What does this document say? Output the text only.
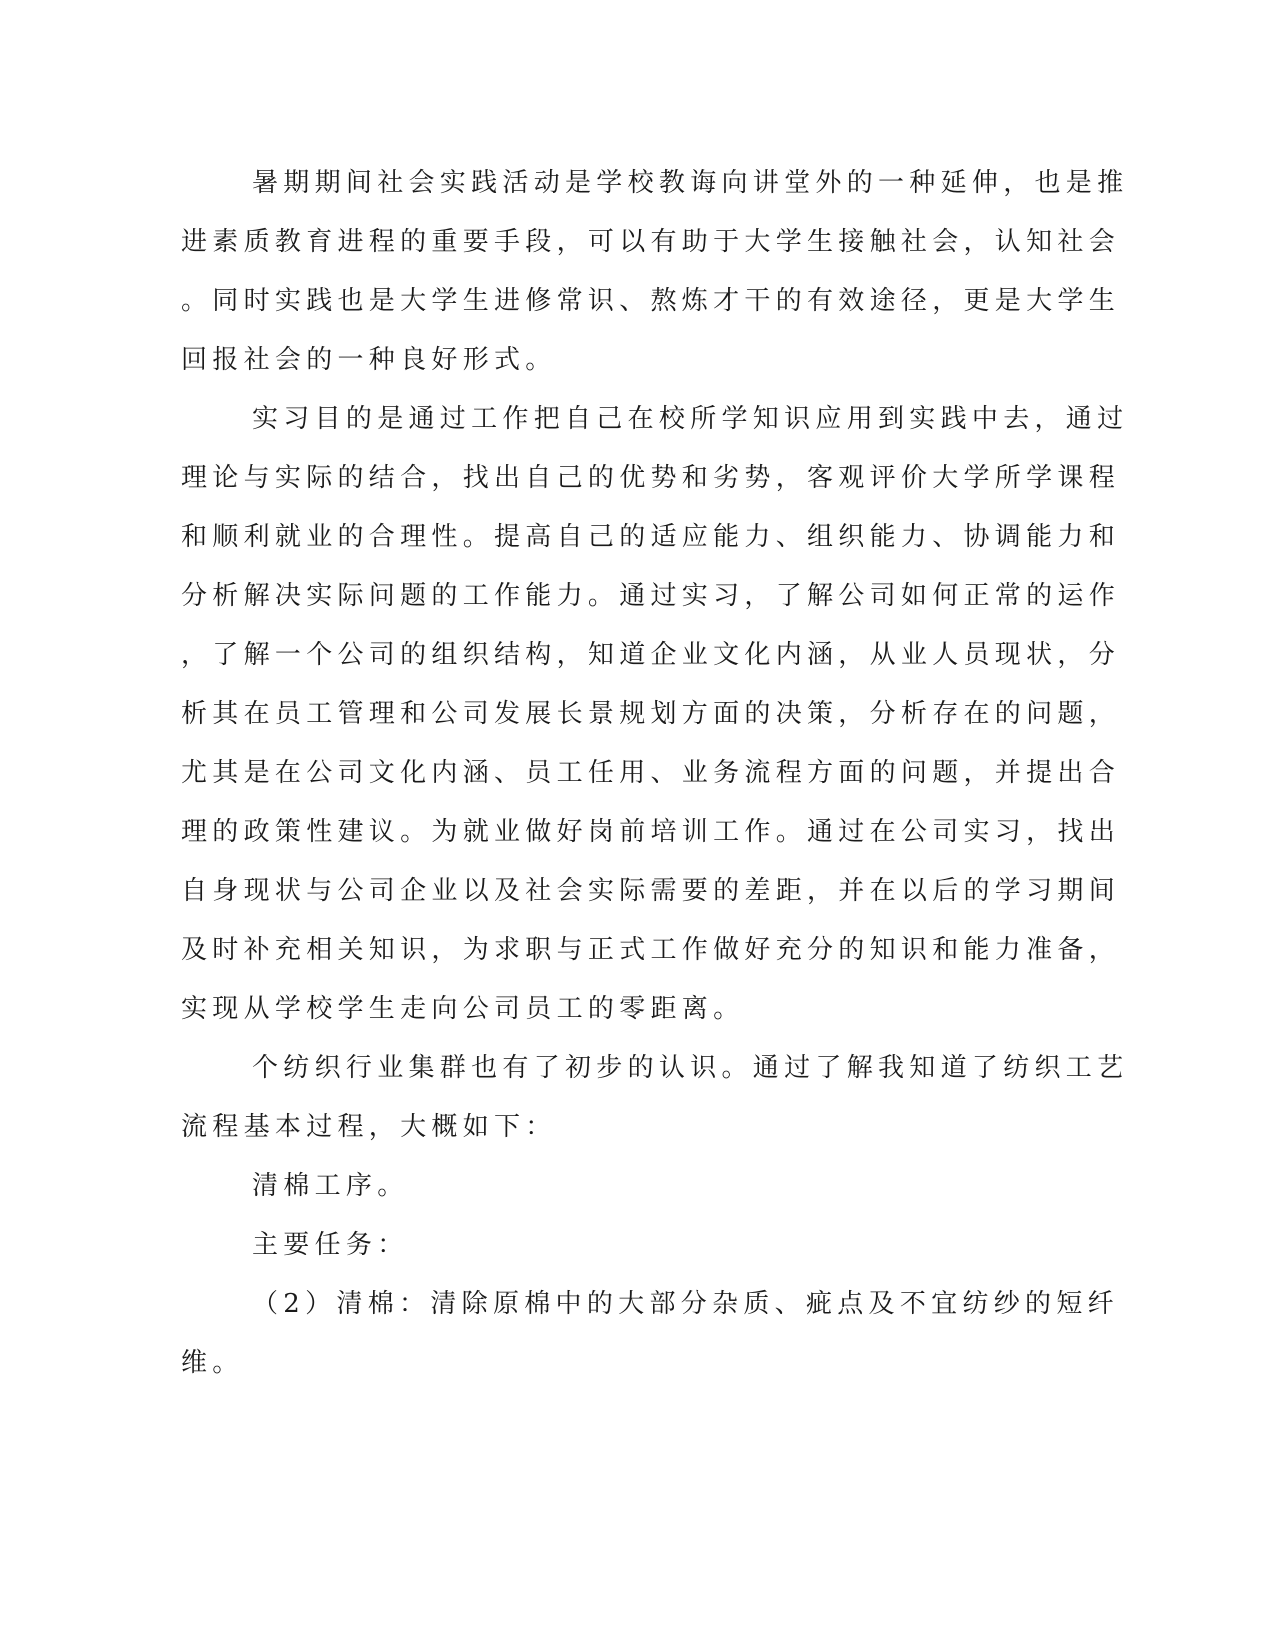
暑期期间社会实践活动是学校教诲向讲堂外的一种延伸，也是推

进素质教育进程的重要手段，可以有助于大学生接触社会，认知社会

。同时实践也是大学生进修常识、熬炼才干的有效途径，更是大学生

回报社会的一种良好形式。

实习目的是通过工作把自己在校所学知识应用到实践中去，通过

理论与实际的结合，找出自己的优势和劣势，客观评价大学所学课程

和顺利就业的合理性。提高自己的适应能力、组织能力、协调能力和

分析解决实际问题的工作能力。通过实习，了解公司如何正常的运作

，了解一个公司的组织结构，知道企业文化内涵，从业人员现状，分

析其在员工管理和公司发展长景规划方面的决策，分析存在的问题，

尤其是在公司文化内涵、员工任用、业务流程方面的问题，并提出合

理的政策性建议。为就业做好岗前培训工作。通过在公司实习，找出

自身现状与公司企业以及社会实际需要的差距，并在以后的学习期间

及时补充相关知识，为求职与正式工作做好充分的知识和能力准备，

实现从学校学生走向公司员工的零距离。

个纺织行业集群也有了初步的认识。通过了解我知道了纺织工艺

流程基本过程，大概如下：

清棉工序。

主要任务：

（2）清棉：清除原棉中的大部分杂质、疵点及不宜纺纱的短纤

维。
